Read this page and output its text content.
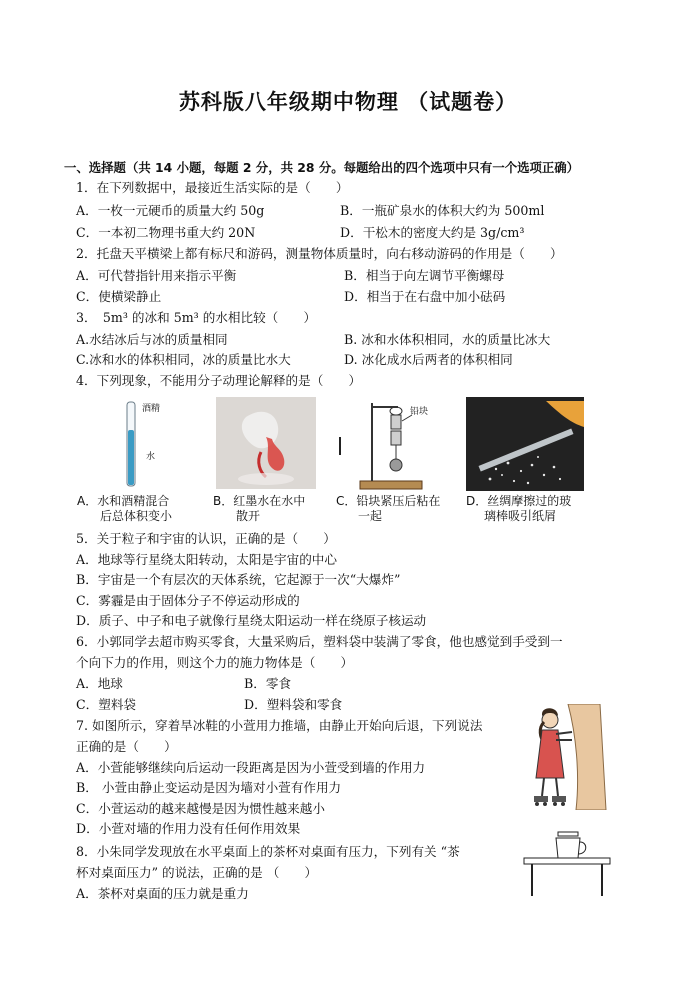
苏科版八年级期中物理 （试题卷）
一、选择题（共 14 小题，每题 2 分，共 28 分。每题给出的四个选项中只有一个选项正确）
1．在下列数据中，最接近生活实际的是（　　）
A．一枚一元硬币的质量大约 50g	B．一瓶矿泉水的体积大约为 500ml
C．一本初二物理书重大约 20N	D．干松木的密度大约是 3g/cm³
2．托盘天平横梁上都有标尺和游码，测量物体质量时，向右移动游码的作用是（　　）
A．可代替指针用来指示平衡	B．相当于向左调节平衡螺母
C．使横梁静止	D．相当于在右盘中加小砝码
3．　5m³ 的冰和 5m³ 的水相比较（　　）
A.水结冰后与冰的质量相同	B. 冰和水体积相同，水的质量比冰大
C.冰和水的体积相同，冰的质量比水大	D. 冰化成水后两者的体积相同
4．下列现象，不能用分子动理论解释的是（　　）
酒精
水
铅块
A．水和酒精混合
后总体积变小
B．红墨水在水中
散开
C．铅块紧压后粘在
一起
D．丝绸摩擦过的玻
璃棒吸引纸屑
5．关于粒子和宇宙的认识，正确的是（　　）
A．地球等行星绕太阳转动，太阳是宇宙的中心
B．宇宙是一个有层次的天体系统，它起源于一次“大爆炸”
C．雾霾是由于固体分子不停运动形成的
D．质子、中子和电子就像行星绕太阳运动一样在绕原子核运动
6．小郭同学去超市购买零食，大量采购后，塑料袋中装满了零食，他也感觉到手受到一
个向下力的作用，则这个力的施力物体是（　　）
A．地球	B．零食
C．塑料袋	D．塑料袋和零食
7. 如图所示，穿着旱冰鞋的小萱用力推墙，由静止开始向后退，下列说法
正确的是（　　）
A．小萱能够继续向后运动一段距离是因为小萱受到墙的作用力
B． 小萱由静止变运动是因为墙对小萱有作用力
C．小萱运动的越来越慢是因为惯性越来越小
D．小萱对墙的作用力没有任何作用效果
8．小朱同学发现放在水平桌面上的茶杯对桌面有压力，下列有关 “茶
杯对桌面压力” 的说法，正确的是 （　　）
A．茶杯对桌面的压力就是重力
